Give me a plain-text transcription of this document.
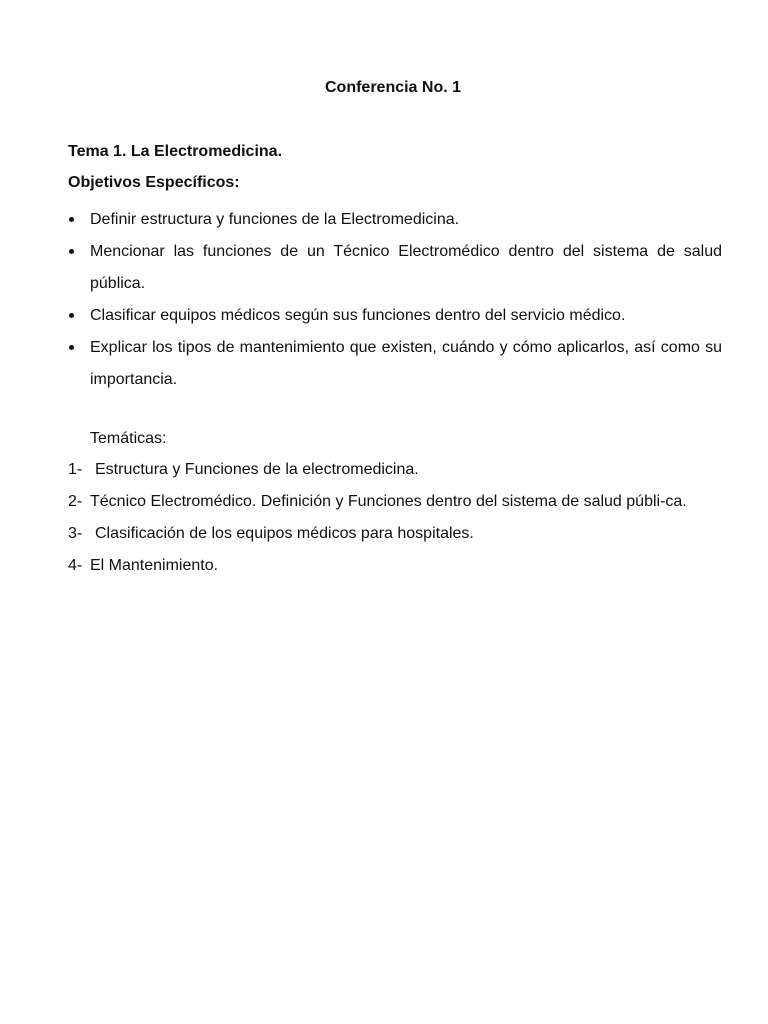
Conferencia No. 1
Tema 1. La Electromedicina.
Objetivos Específicos:
Definir estructura y funciones de la Electromedicina.
Mencionar las funciones de un Técnico Electromédico dentro del sistema de salud pública.
Clasificar equipos médicos según sus funciones dentro del servicio médico.
Explicar los tipos de mantenimiento que existen, cuándo y cómo aplicarlos, así como su importancia.
Temáticas:
1- Estructura y Funciones de la electromedicina.
2- Técnico Electromédico. Definición y Funciones dentro del sistema de salud públi-ca.
3- Clasificación de los equipos médicos para hospitales.
4- El Mantenimiento.
